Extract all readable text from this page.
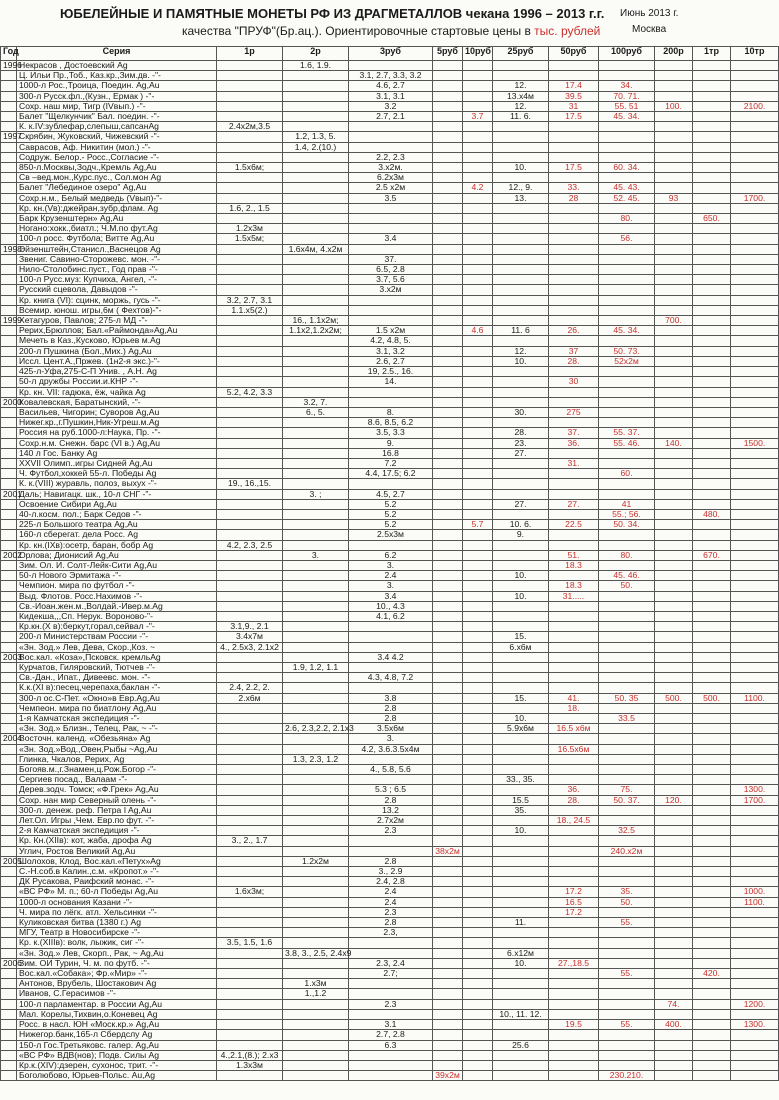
ЮБЕЛЕЙНЫЕ И ПАМЯТНЫЕ МОНЕТЫ РФ ИЗ ДРАГМЕТАЛЛОВ чекана 1996 – 2013 г.г.
качества "ПРУФ"(Бр.ац.). Ориентировочные стартовые цены в тыс. рублей
Июнь 2013 г.
Москва
Год	Серия	1р	2р	3руб	5руб	10руб	25руб	50руб	100руб	200р	1тр	10тр
1996	Некрасов , Достоевский Ag		1.6, 1.9.									
	Ц. Ильи Пр.,Тоб., Каз.кр.,Зим.дв. -"-			3.1, 2.7, 3.3, 3.2								
	1000-л Рос.,Троица, Поедин. Ag,Au			4.6, 2.7			12.	17.4	34.			
	300-л Русск.фл.,(Кузн., Ермак ) -"-			3.1, 3.1			13.х4м	39.5	70. 71.			
	Сохр. наш мир, Тигр (IVвып.) -"-			3.2			12.	31	55. 51	100.		2100.
	Балет "Щелкунчик" Бал. поедин. -"-			2.7, 2.1		3.7	11. 6.	17.5	45. 34.			
	К. к.IV:зублефар,слепыш,сапсанAg	2.4х2м,3.5										
1997	Скрябин, Жуковский, Чижевский -"-		1.2, 1.3, 5.									
	Саврасов, Аф. Никитин (мол.) -"-		1.4, 2.(10.)									
	Содруж. Белор.- Росс.,Согласие -"-			2.2, 2.3								
	850-л.Москвы,Зодч.,Кремль Ag,Au	1.5х6м;		3.х2м.			10.	17.5	60. 34.			
	Св –вед.мон.,Курс.пус., Сол.мон Ag			6.2х3м								
	Балет "Лебединое озеро" Ag,Au			2.5 х2м		4.2	12., 9.	33.	45. 43.			
	Сохр.н.м., Белый медведь (Vвып)-"-			3.5			13.	28	52. 45.	93		1700.
	Кр. кн.(Vв):джейран,зубр,флам. Ag	1.6, 2., 1.5										
	Барк Крузенштерн» Ag,Au								80.		650.	
	Ногано:хокк.,биатл.; Ч.М.по фут.Ag	1.2х3м										
	100-л росс. Футбола; Витте Ag,Au	1.5х5м;		3.4					56.			
1998	Эйзенштейн,Станисл.,Васнецов Ag		1.6х4м, 4.х2м									
	Звениг. Савино-Сторожевс. мон. -"-			37.								
	Нило-Столобинс.пуст., Год прав -"-			6.5, 2.8								
	100-л Русс.муз: Купчиха, Ангел, -"-			3.7, 5.6								
	Русский сцевола, Давыдов -"-			3.х2м								
	Кр. книга (VI): сцинк, моржь, гусь -"-	3.2, 2.7, 3.1										
	Всемир. юнош. игры,6м ( Фехтов)-"-	1.1.х5(2.)										
1999	Хетагуров, Павлов; 275-л МД -"-		16., 1.1х2м;							700.		
	Рерих,Брюллов; Бал.«Раймонда»Ag,Au		1.1х2,1.2х2м;	1.5 х2м		4.6	11. 6	26.	45. 34.			
	Мечеть в Каз.,Кусково, Юрьев м.Ag			4.2, 4.8, 5.								
	200-л Пушкина (Бол.,Мих.) Ag,Au			3.1, 3.2			12.	37	50. 73.			
	Иссл. Цент.А.,Пржев. (1н2-я экс.)-"-			2.6, 2.7			10.	28.	52х2м			
	425-л-Уфа,275-С-П Унив. , А.Н. Ag			19, 2.5., 16.								
	50-л дружбы России.и.КНР -"-			14.				30				
	Кр. кн. VII: гадюка, ёж, чайка Ag	5.2, 4.2, 3.3										
2000	Ковалевская, Баратынский, -"-		3.2, 7.									
	Васильев, Чигорин; Суворов Ag,Au		6., 5.	8.			30.	275				
	Нижег.кр.,г.Пушкин,Ник-Угреш.м.Ag			8.6, 8.5, 6.2								
	Россия на руб.1000-л:Наука, Пр. -"-			3.5, 3.3			28.	37.	55. 37.			
	Сохр.н.м. Снежн. барс (VI в.) Ag,Au			9.			23.	36.	55. 46.	140.		1500.
	140 л Гос. Банку Ag			16.8			27.					
	XXVII Олимп..игры Сидней Ag,Au			7.2				31.				
	Ч. Футбол,хоккей 55-л. Победы Ag			4.4, 17.5; 6.2					60.			
	К. к.(VIII) журавль, полоз, выхух -"-	19., 16.,15.										
2001	Даль; Навигацк. шк., 10-л СНГ -"-		3. ;	4.5, 2.7								
	Освоение Сибири Ag,Au			5.2			27.	27.	41			
	40-л.косм. пол.; Барк Седов -"-			5.2					55.; 56.		480.	
	225-л Большого театра Ag,Au			5.2		5.7	10. 6.	22.5	50. 34.			
	160-л сберегат. дела Росс. Ag			2.5х3м			9.					
	Кр. кн.(IXв):осетр, баран, бобр Ag	4.2, 2.3, 2.5										
2002	Орлова; Дионисий Ag,Au		3.	6.2				51.	80.		670.	
	Зим. Ол. И. Солт-Лейк-Сити Ag,Au			3.				18.3				
	50-л Нового Эрмитажа -"-			2.4			10.		45. 46.			
	Чемпион. мира по футбол -"-			3.				18.3	50.			
	Выд. Флотов. Росс.Нахимов -"-			3.4			10.	31.....				
	Св.-Иоан.жен.м.,Волдай.-Ивер.м.Ag			10., 4.3								
	Кидекша,,,Сп. Нерук. Вороново-"-			4.1, 6.2								
	Кр.кн.(X в):беркут,горал,сейвал -"-	3.1,9., 2.1										
	200-л Министерствам России -"-	3.4х7м					15.					
	«Зн. Зод.» Лев, Дева, Скор.,Коз. ~	4., 2.5х3, 2.1х2					6.х6м					
2003	Вос.кал. «Коза»,Псковск. кремльAg			3.4 4.2								
	Курчатов, Гиляровский, Тютчев -"-		1.9, 1.2, 1.1									
	Св.-Дан., Ипат., Дивеевс. мон. -"-			4.3, 4.8, 7.2								
	К.к.(XI в):песец,черепаха,баклан -"-	2.4, 2.2, 2.										
	300-л ос.С-Пет. «Окно»в Евр.Ag,Au	2.х6м		3.8			15.	41.	50. 35	500.	500.	1100.
	Чемпеон. мира по биатлону Ag,Au			2.8				18.				
	1-я Камчатская экспедиция -"-			2.8			10.		33.5			
	«Зн. Зод.» Близн., Телец, Рак, ~ -"-		2.6, 2.3,2.2, 2.1х3	3.5х6м			5.9х6м	16.5 х6м				
2004	Восточн. календ. «Обезьяна» Ag			3.								
	«Зн. Зод.»Вод.,Овен,Рыбы ~Ag,Au			4.2, 3.6.3.5х4м				16.5х6м				
	Глинка, Чкалов, Рерих, Ag		1.3, 2.3, 1.2									
	Богояв.м.,г.Знамен,ц.Рож.Богор -"-			4., 5.8, 5.6								
	Сергиев посад., Валаам -"-						33., 35.					
	Дерев.зодч. Томск; «Ф.Грек» Ag,Au			5.3 ; 6.5				36.	75.			1300.
	Сохр. нан мир Северный олень -"-			2.8			15.5	28.	50. 37.	120.		1700.
	300-л. денеж. реф. Петра I Ag,Au			13.2			35.					
	Лет.Ол. Игры ,Чем. Евр.по фут. -"-			2.7х2м				18., 24.5				
	2-я Камчатская экспедиция -"-			2.3			10.		32.5			
	Кр. Кн.(XIIв): кот, жаба, дрофа Ag	3., 2., 1.7										
	Углич, Ростов Великий Ag,Au				38х2м				240.х2м			
2005	Шолохов, Клод, Вос.кал.«Петух»Ag		1.2х2м	2.8								
	С.-Н.соб.в Калин.,с.м. «Кропот.» -"-			3., 2.9								
	ДК Русакова, Раифский монас. -"-			2.4, 2.8								
	«ВС РФ» М. п.; 60-л Победы Ag,Au	1.6х3м;		2.4				17.2	35.			1000.
	1000-л основания Казани -"-			2.4				16.5	50.			1100.
	Ч. мира по лёгк. атл. Хельсинки -"-			2.3				17.2				
	Куликовская битва (1380 г.) Ag			2.8			11.		55.			
	МГУ, Театр в Новосибирске -"-			2.3,								
	Кр. к.(XIIIв): волк, лыжик, сиг -"-	3.5, 1.5, 1.6										
	«Зн. Зод.» Лев, Скорп., Рак, ~ Ag,Au		3.8, 3., 2.5, 2.4х9				6.х12м					
2006	Зим. ОИ Турин, Ч. м. по футб. -"-			2.3, 2.4			10.	27.,18.5				
	Вос.кал.«Собака»; Фр.«Мир» -"-			2.7;					55.		420.	
	Антонов, Врубель, Шостакович Ag		1.х3м									
	Иванов, С.Герасимов -"-		1.,1.2									
	100-л парламентар. в России Ag,Au			2.3						74.		1200.
	Мал. Корелы,Тихвин,о.Коневец Ag						10., 11. 12.					
	Росс. в насл. ЮН «Моск.кр.» Ag,Au			3.1				19.5	55.	400.		1300.
	Нижегор.банк,165-л Сбердслу Ag			2.7, 2.8								
	150-л Гос.Третьяковс. галер. Ag,Au			6.3			25.6					
	«ВС РФ» ВДВ(нов); Подв. Силы Ag	4.,2.1,(8.); 2.х3										
	Кр.к.(XIV):дзерен, сухонос, трит. -"-	1.3х3м										
	Боголюбово, Юрьев-Польс. Au,Ag				39х2м				230.210.			
